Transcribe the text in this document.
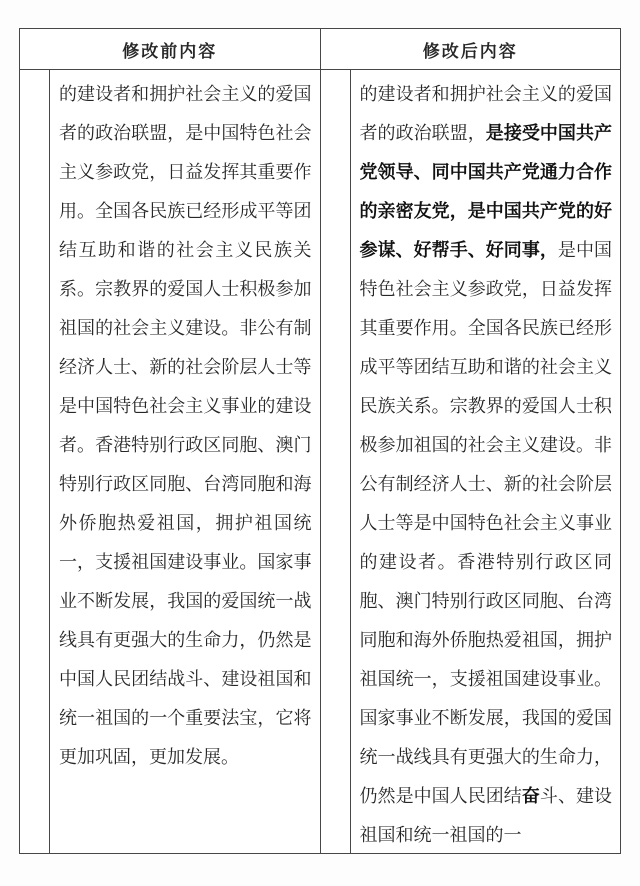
修改前内容	修改后内容

的建设者和拥护社会主义的爱国者的政治联盟，是中国特色社会主义参政党，日益发挥其重要作用。全国各民族已经形成平等团结互助和谐的社会主义民族关系。宗教界的爱国人士积极参加祖国的社会主义建设。非公有制经济人士、新的社会阶层人士等是中国特色社会主义事业的建设者。香港特别行政区同胞、澳门特别行政区同胞、台湾同胞和海外侨胞热爱祖国，拥护祖国统一，支援祖国建设事业。国家事业不断发展，我国的爱国统一战线具有更强大的生命力，仍然是中国人民团结战斗、建设祖国和统一祖国的一个重要法宝，它将更加巩固，更加发展。

的建设者和拥护社会主义的爱国者的政治联盟，是接受中国共产党领导、同中国共产党通力合作的亲密友党，是中国共产党的好参谋、好帮手、好同事，是中国特色社会主义参政党，日益发挥其重要作用。全国各民族已经形成平等团结互助和谐的社会主义民族关系。宗教界的爱国人士积极参加祖国的社会主义建设。非公有制经济人士、新的社会阶层人士等是中国特色社会主义事业的建设者。香港特别行政区同胞、澳门特别行政区同胞、台湾同胞和海外侨胞热爱祖国，拥护祖国统一，支援祖国建设事业。国家事业不断发展，我国的爱国统一战线具有更强大的生命力，仍然是中国人民团结奋斗、建设祖国和统一祖国的一
